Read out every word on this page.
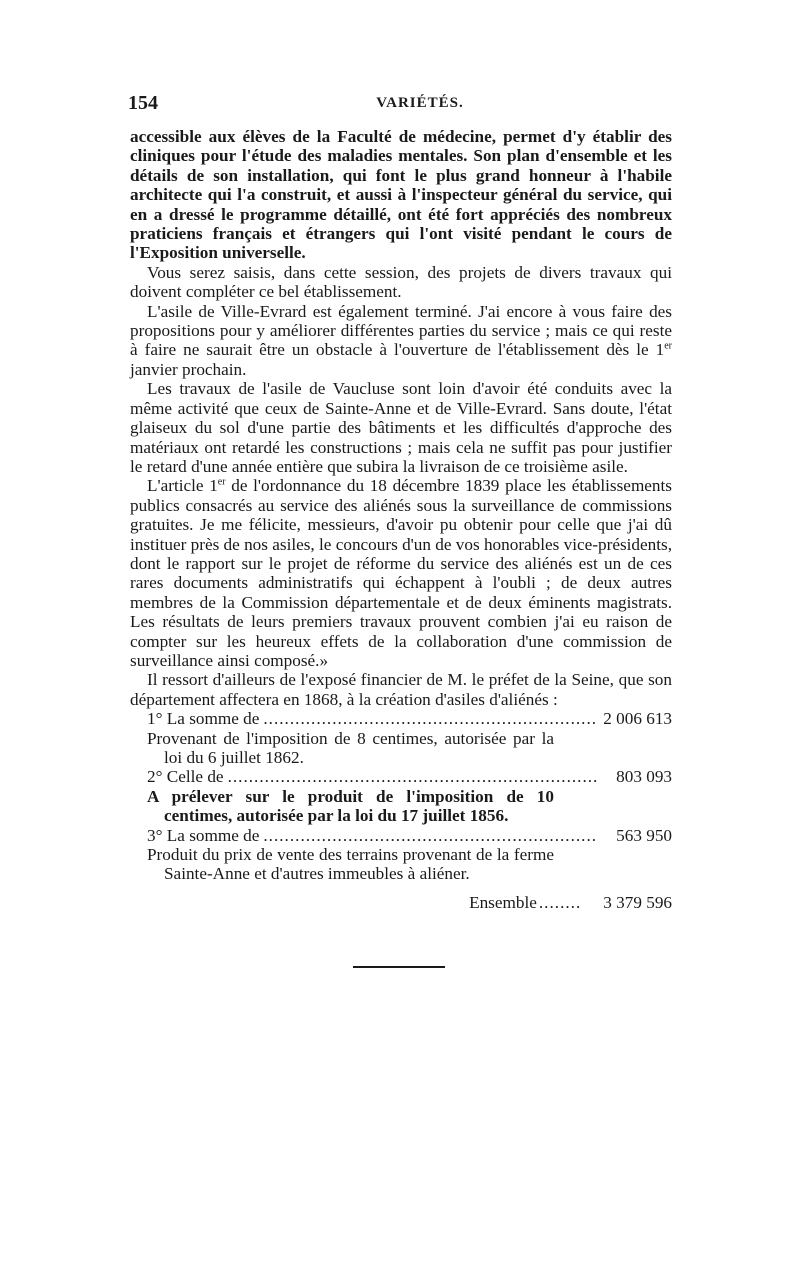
154	VARIÉTÉS.

accessible aux élèves de la Faculté de médecine, permet d'y établir des cliniques pour l'étude des maladies mentales. Son plan d'ensemble et les détails de son installation, qui font le plus grand honneur à l'habile architecte qui l'a construit, et aussi à l'inspecteur général du service, qui en a dressé le programme détaillé, ont été fort appréciés des nombreux praticiens français et étrangers qui l'ont visité pendant le cours de l'Exposition universelle.

Vous serez saisis, dans cette session, des projets de divers travaux qui doivent compléter ce bel établissement.

L'asile de Ville-Evrard est également terminé. J'ai encore à vous faire des propositions pour y améliorer différentes parties du service ; mais ce qui reste à faire ne saurait être un obstacle à l'ouverture de l'établissement dès le 1er janvier prochain.

Les travaux de l'asile de Vaucluse sont loin d'avoir été conduits avec la même activité que ceux de Sainte-Anne et de Ville-Evrard. Sans doute, l'état glaiseux du sol d'une partie des bâtiments et les difficultés d'approche des matériaux ont retardé les constructions ; mais cela ne suffit pas pour justifier le retard d'une année entière que subira la livraison de ce troisième asile.

L'article 1er de l'ordonnance du 18 décembre 1839 place les établissements publics consacrés au service des aliénés sous la surveillance de commissions gratuites. Je me félicite, messieurs, d'avoir pu obtenir pour celle que j'ai dû instituer près de nos asiles, le concours d'un de vos honorables vice-présidents, dont le rapport sur le projet de réforme du service des aliénés est un de ces rares documents administratifs qui échappent à l'oubli ; de deux autres membres de la Commission départementale et de deux éminents magistrats. Les résultats de leurs premiers travaux prouvent combien j'ai eu raison de compter sur les heureux effets de la collaboration d'une commission de surveillance ainsi composé.»

Il ressort d'ailleurs de l'exposé financier de M. le préfet de la Seine, que son département affectera en 1868, à la création d'asiles d'aliénés :

1° La somme de .....	2 006 613
Provenant de l'imposition de 8 centimes, autorisée par la loi du 6 juillet 1862.
2° Celle de .....	803 093
A prélever sur le produit de l'imposition de 10 centimes, autorisée par la loi du 17 juillet 1856.
3° La somme de .....	563 950
Produit du prix de vente des terrains provenant de la ferme Sainte-Anne et d'autres immeubles à aliéner.
Ensemble ........ 3 379 596
